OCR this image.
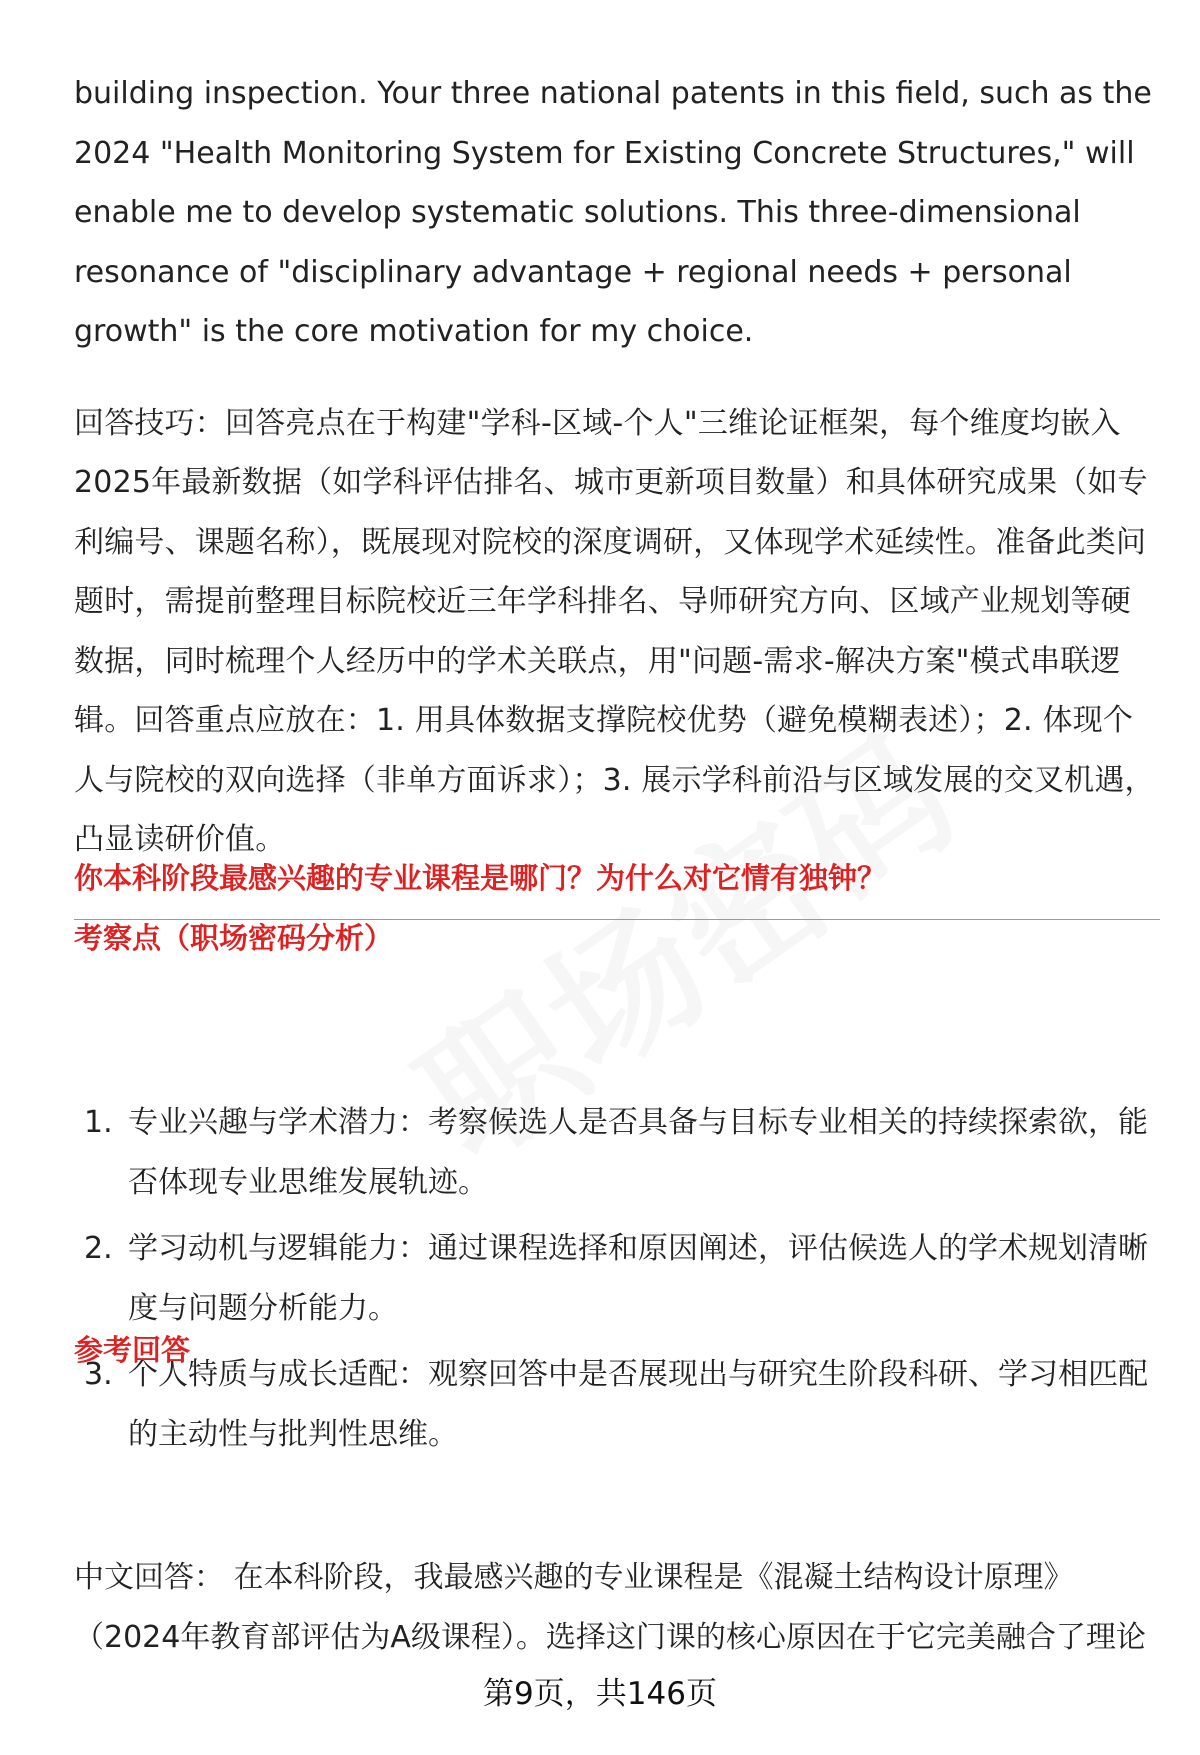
building inspection. Your three national patents in this field, such as the 2024 "Health Monitoring System for Existing Concrete Structures," will enable me to develop systematic solutions. This three-dimensional resonance of "disciplinary advantage + regional needs + personal growth" is the core motivation for my choice.

回答技巧：回答亮点在于构建"学科-区域-个人"三维论证框架，每个维度均嵌入2025年最新数据（如学科评估排名、城市更新项目数量）和具体研究成果（如专利编号、课题名称），既展现对院校的深度调研，又体现学术延续性。准备此类问题时，需提前整理目标院校近三年学科排名、导师研究方向、区域产业规划等硬数据，同时梳理个人经历中的学术关联点，用"问题-需求-解决方案"模式串联逻辑。回答重点应放在：1. 用具体数据支撑院校优势（避免模糊表述）；2. 体现个人与院校的双向选择（非单方面诉求）；3. 展示学科前沿与区域发展的交叉机遇，凸显读研价值。

你本科阶段最感兴趣的专业课程是哪门？为什么对它情有独钟？

考察点（职场密码分析）

1. 专业兴趣与学术潜力：考察候选人是否具备与目标专业相关的持续探索欲，能否体现专业思维发展轨迹。
2. 学习动机与逻辑能力：通过课程选择和原因阐述，评估候选人的学术规划清晰度与问题分析能力。
3. 个人特质与成长适配：观察回答中是否展现出与研究生阶段科研、学习相匹配的主动性与批判性思维。

参考回答

中文回答： 在本科阶段，我最感兴趣的专业课程是《混凝土结构设计原理》（2024年教育部评估为A级课程）。选择这门课的核心原因在于它完美融合了理论

第9页，共146页
